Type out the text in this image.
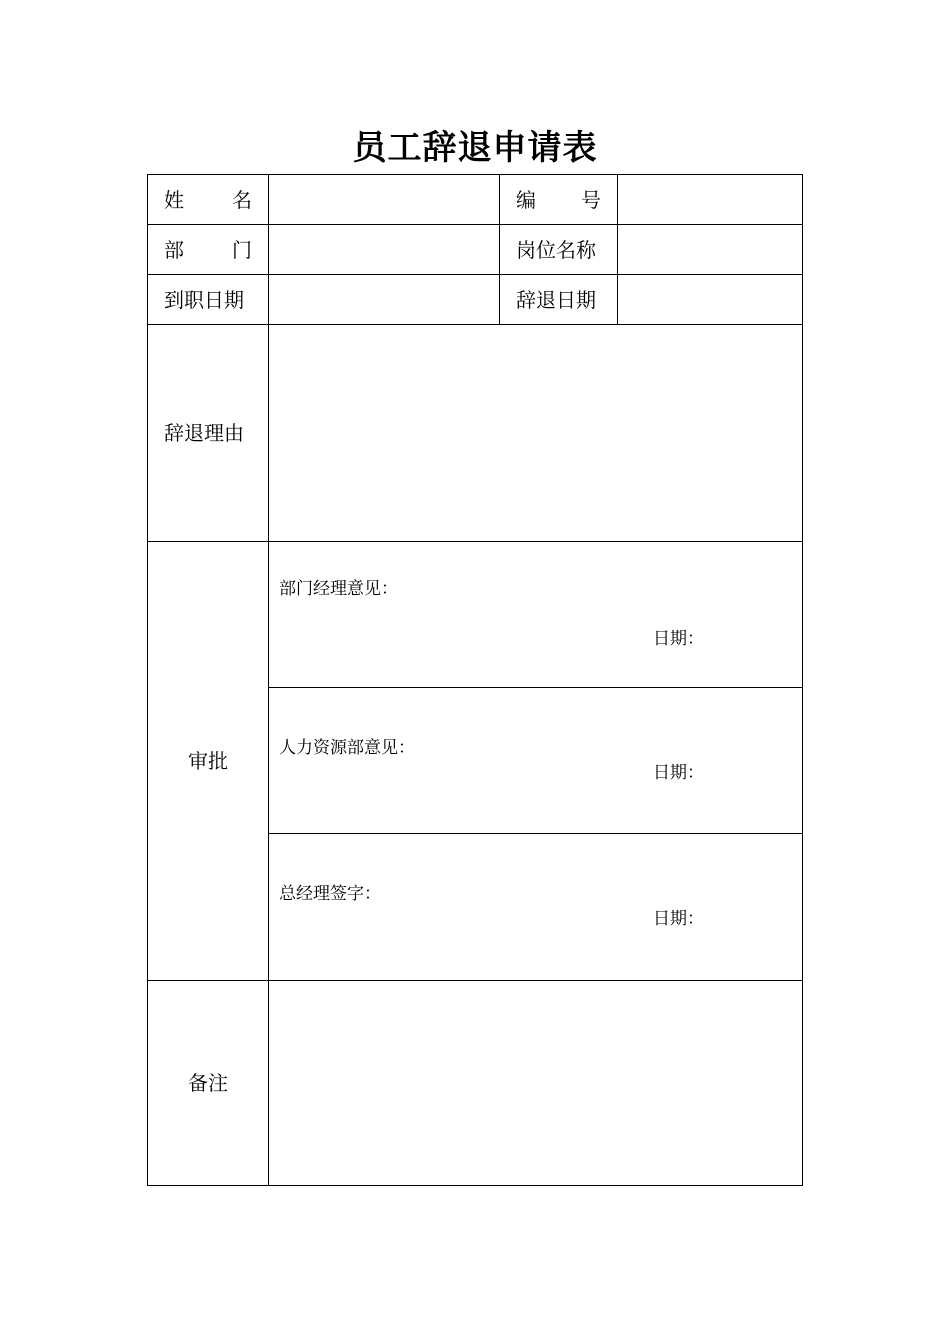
员工辞退申请表
姓 名	编 号
部 门	岗位名称
到职日期	辞退日期
辞退理由
审批
部门经理意见：
日期：
人力资源部意见：
日期：
总经理签字：
日期：
备注
